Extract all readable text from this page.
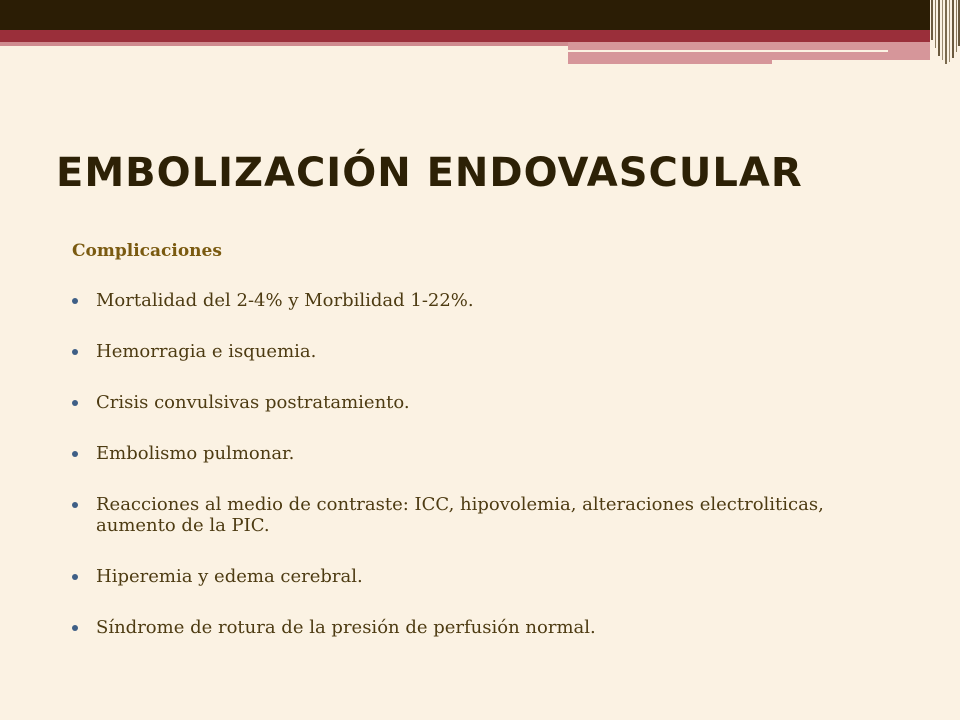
EMBOLIZACIÓN ENDOVASCULAR

Complicaciones

Mortalidad del 2-4% y Morbilidad 1-22%.
Hemorragia e isquemia.
Crisis convulsivas postratamiento.
Embolismo pulmonar.
Reacciones al medio de contraste: ICC, hipovolemia, alteraciones electroliticas, aumento de la PIC.
Hiperemia y edema cerebral.
Síndrome de rotura de la presión de perfusión normal.
